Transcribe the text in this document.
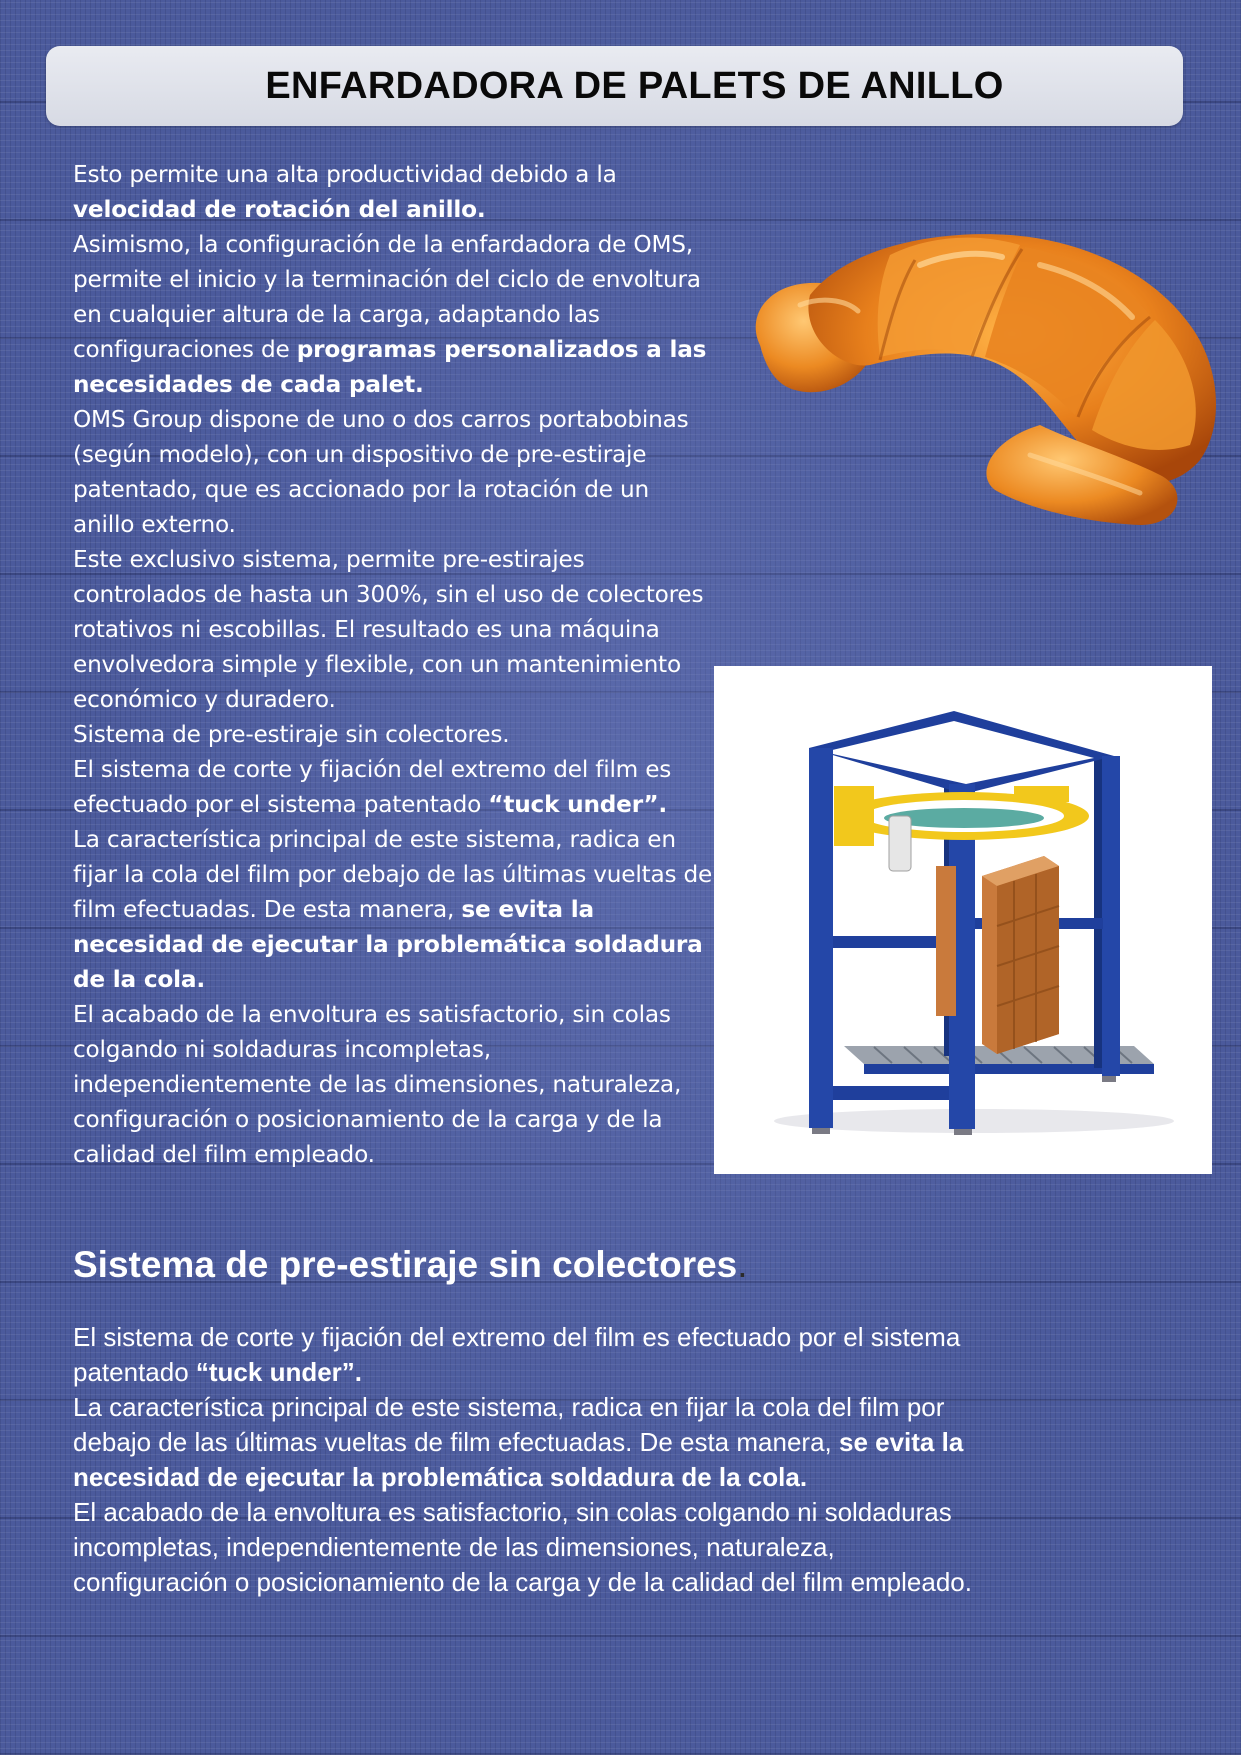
ENFARDADORA DE PALETS DE ANILLO

Esto permite una alta productividad debido a la velocidad de rotación del anillo.

Asimismo, la configuración de la enfardadora de OMS, permite el inicio y la terminación del ciclo de envoltura en cualquier altura de la carga, adaptando las configuraciones de programas personalizados a las necesidades de cada palet.

OMS Group dispone de uno o dos carros portabobinas (según modelo), con un dispositivo de pre-estiraje patentado, que es accionado por la rotación de un anillo externo.

Este exclusivo sistema, permite pre-estirajes controlados de hasta un 300%, sin el uso de colectores rotativos ni escobillas. El resultado es una máquina envolvedora simple y flexible, con un mantenimiento económico y duradero.

Sistema de pre-estiraje sin colectores.

El sistema de corte y fijación del extremo del film es efectuado por el sistema patentado “tuck under”.

La característica principal de este sistema, radica en fijar la cola del film por debajo de las últimas vueltas de film efectuadas. De esta manera, se evita la necesidad de ejecutar la problemática soldadura de la cola.

El acabado de la envoltura es satisfactorio, sin colas colgando ni soldaduras incompletas, independientemente de las dimensiones, naturaleza, configuración o posicionamiento de la carga y de la calidad del film empleado.

Sistema de pre-estiraje sin colectores.

El sistema de corte y fijación del extremo del film es efectuado por el sistema patentado “tuck under”.

La característica principal de este sistema, radica en fijar la cola del film por debajo de las últimas vueltas de film efectuadas. De esta manera, se evita la necesidad de ejecutar la problemática soldadura de la cola.

El acabado de la envoltura es satisfactorio, sin colas colgando ni soldaduras incompletas, independientemente de las dimensiones, naturaleza, configuración o posicionamiento de la carga y de la calidad del film empleado.
